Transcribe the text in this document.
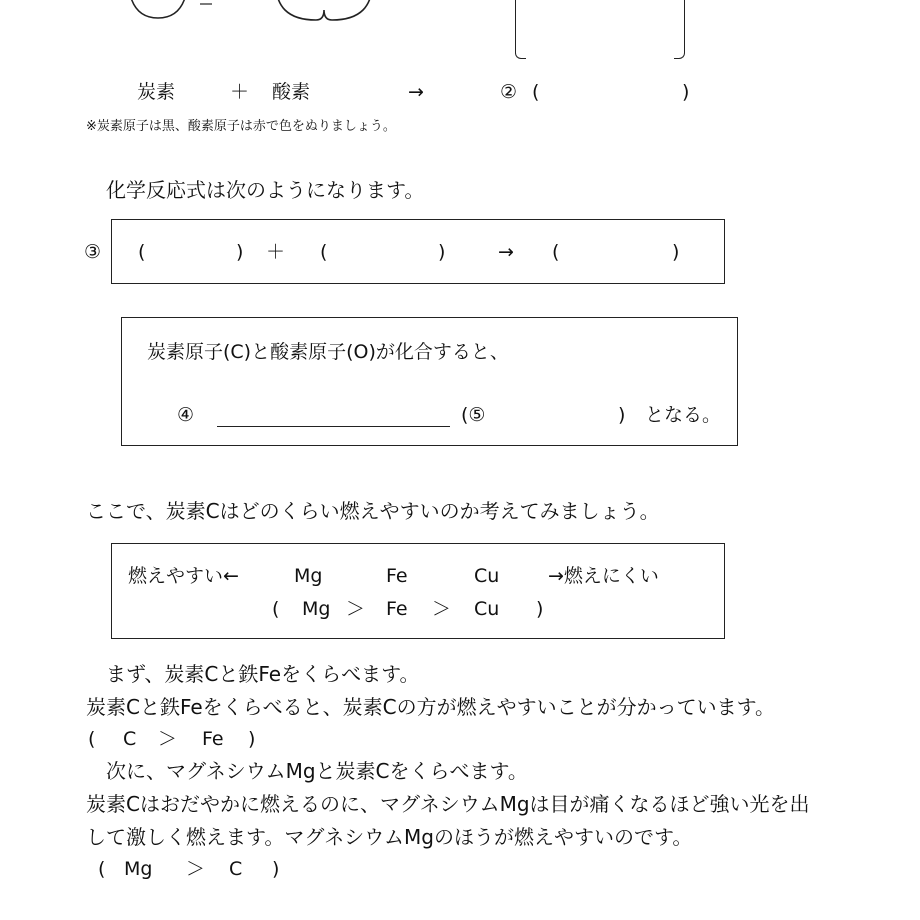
炭素	＋ 酸素	→	② (	)
※炭素原子は黒、酸素原子は赤で色をぬりましょう。
化学反応式は次のようになります。
③ (	) ＋ (	)	→ (	)
炭素原子(C)と酸素原子(O)が化合すると、
④	(⑤	) となる。
ここで、炭素Cはどのくらい燃えやすいのか考えてみましょう。
燃えやすい←	Mg	Fe	Cu	→燃えにくい
( Mg ＞ Fe ＞ Cu )
まず、炭素Cと鉄Feをくらべます。
炭素Cと鉄Feをくらべると、炭素Cの方が燃えやすいことが分かっています。
( C ＞ Fe )
次に、マグネシウムMgと炭素Cをくらべます。
炭素Cはおだやかに燃えるのに、マグネシウムMgは目が痛くなるほど強い光を出
して激しく燃えます。マグネシウムMgのほうが燃えやすいのです。
( Mg ＞ C )
